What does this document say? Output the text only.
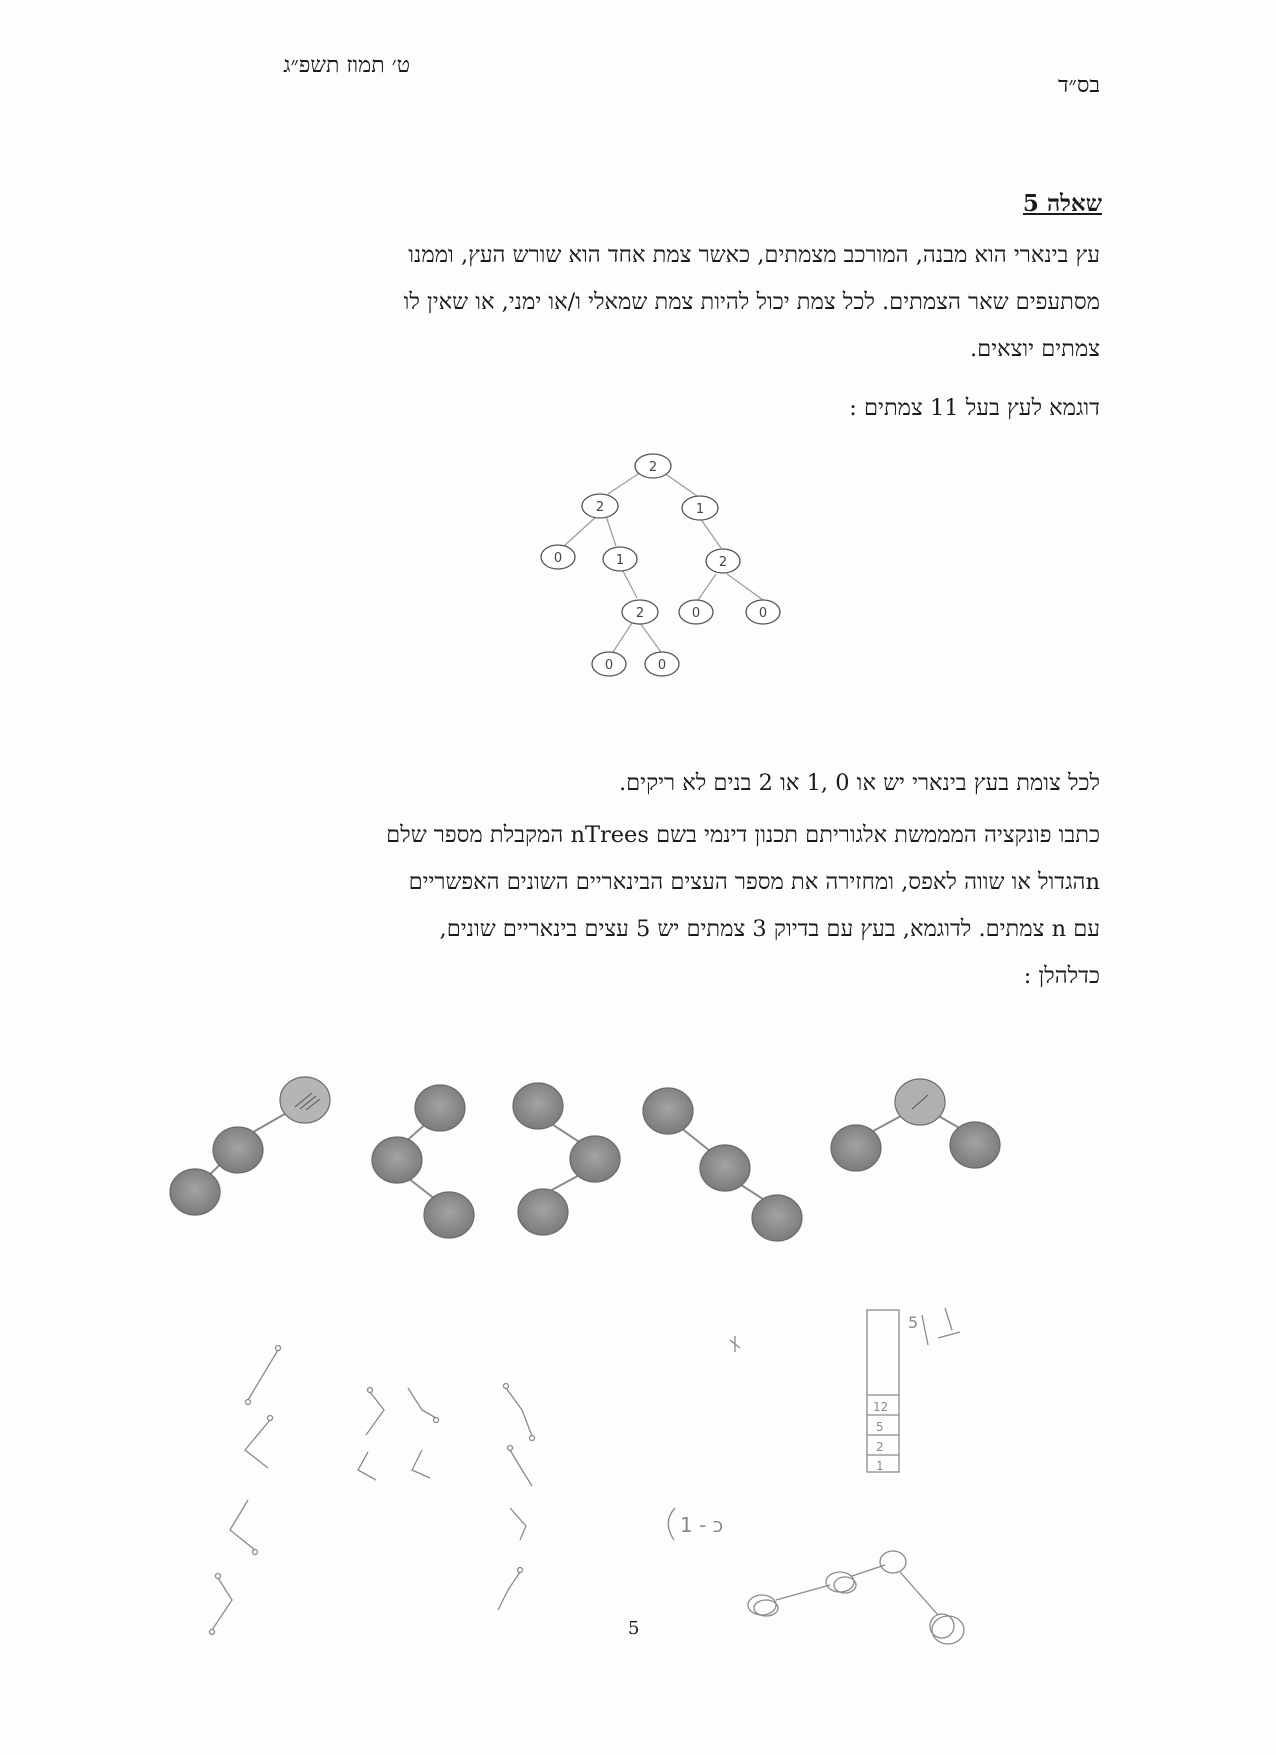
ט׳ תמוז תשפ״ג
בס״ד
שאלה 5
עץ בינארי הוא מבנה, המורכב מצמתים, כאשר צמת אחד הוא שורש העץ, וממנו
מסתעפים שאר הצמתים. לכל צמת יכול להיות צמת שמאלי ו/או ימני, או שאין לו
צמתים יוצאים.
דוגמא לעץ בעל 11 צמתים :
2
2	1
0	1	2
2	0	0
0	0
לכל צומת בעץ בינארי יש או 0 ,1 או 2 בנים לא ריקים.
כתבו פונקציה המממשת אלגוריתם תכנון דינמי בשם nTrees המקבלת מספר שלם
nהגדול או שווה לאפס, ומחזירה את מספר העצים הבינאריים השונים האפשריים
עם n צמתים. לדוגמא, בעץ עם בדיוק 3 צמתים יש 5 עצים בינאריים שונים,
כדלהלן :
12
5
2
1
1 - כ
5
5
